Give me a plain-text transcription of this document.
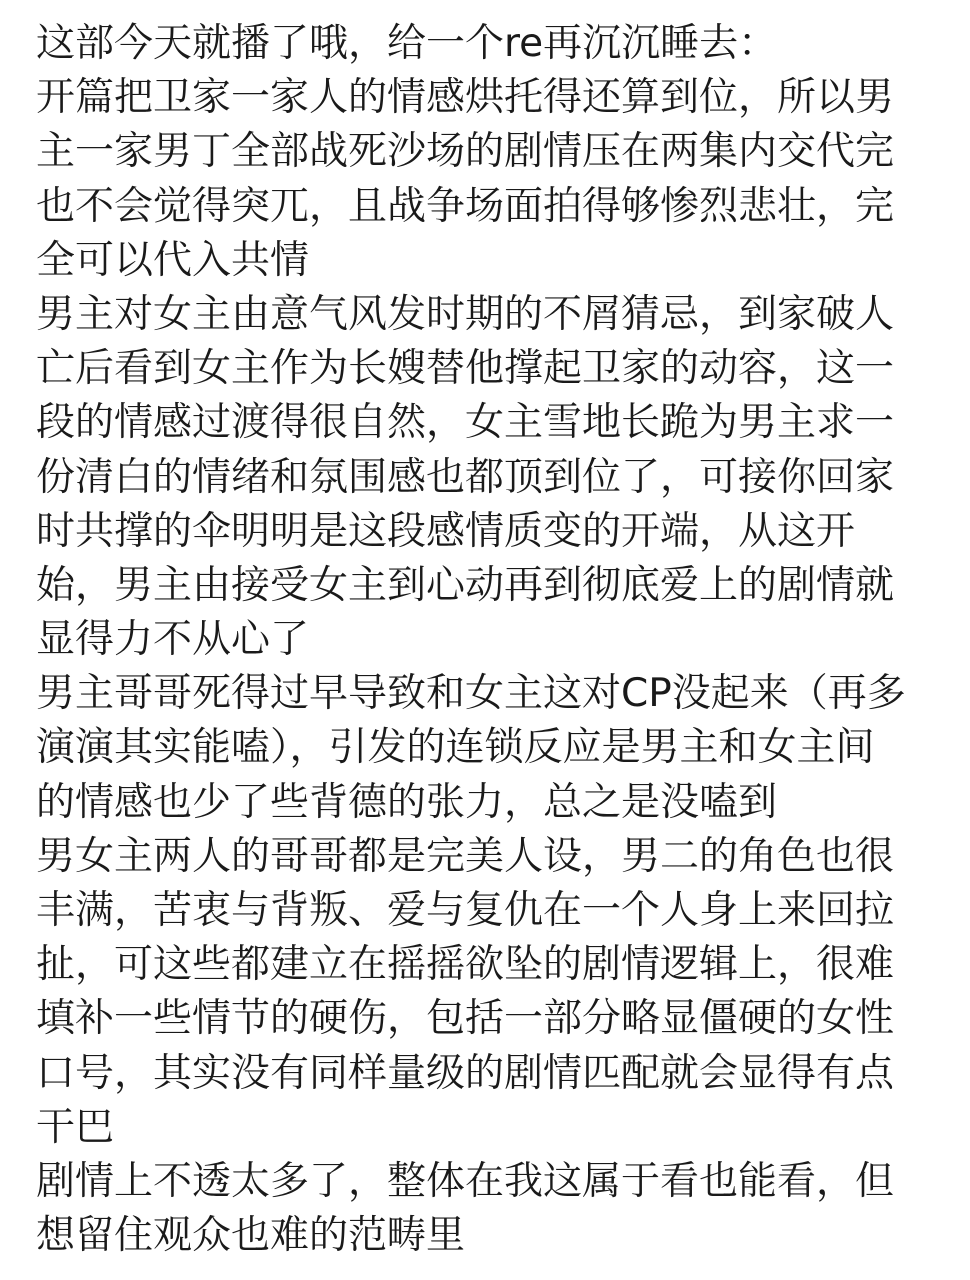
这部今天就播了哦，给一个re再沉沉睡去：
开篇把卫家一家人的情感烘托得还算到位，所以男
主一家男丁全部战死沙场的剧情压在两集内交代完
也不会觉得突兀，且战争场面拍得够惨烈悲壮，完
全可以代入共情
男主对女主由意气风发时期的不屑猜忌，到家破人
亡后看到女主作为长嫂替他撑起卫家的动容，这一
段的情感过渡得很自然，女主雪地长跪为男主求一
份清白的情绪和氛围感也都顶到位了，可接你回家
时共撑的伞明明是这段感情质变的开端，从这开
始，男主由接受女主到心动再到彻底爱上的剧情就
显得力不从心了
男主哥哥死得过早导致和女主这对CP没起来（再多
演演其实能嗑），引发的连锁反应是男主和女主间
的情感也少了些背德的张力，总之是没嗑到
男女主两人的哥哥都是完美人设，男二的角色也很
丰满，苦衷与背叛、爱与复仇在一个人身上来回拉
扯，可这些都建立在摇摇欲坠的剧情逻辑上，很难
填补一些情节的硬伤，包括一部分略显僵硬的女性
口号，其实没有同样量级的剧情匹配就会显得有点
干巴
剧情上不透太多了，整体在我这属于看也能看，但
想留住观众也难的范畴里
